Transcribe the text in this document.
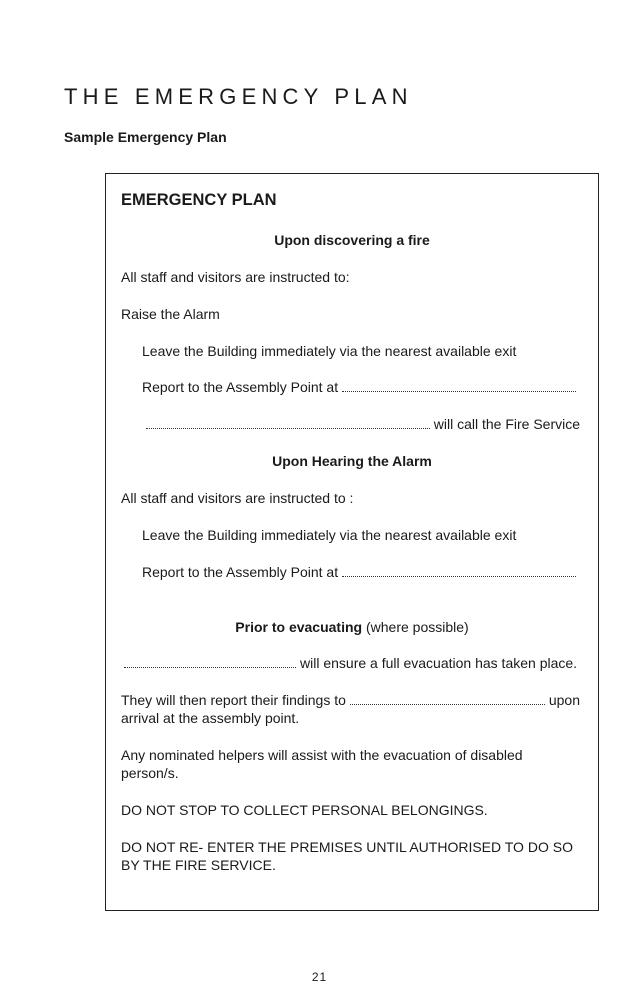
THE EMERGENCY PLAN
Sample Emergency Plan
EMERGENCY PLAN
Upon discovering a fire
All staff and visitors are instructed to:
Raise the Alarm
Leave the Building immediately via the nearest available exit
Report to the Assembly Point at
will call the Fire Service
Upon Hearing the Alarm
All staff and visitors are instructed to :
Leave the Building immediately via the nearest available exit
Report to the Assembly Point at
Prior to evacuating (where possible)
will ensure a full evacuation has taken place.
They will then report their findings to	upon
arrival at the assembly point.
Any nominated helpers will assist with the evacuation of disabled person/s.
DO NOT STOP TO COLLECT PERSONAL BELONGINGS.
DO NOT RE- ENTER THE PREMISES UNTIL AUTHORISED TO DO SO BY THE FIRE SERVICE.
21
